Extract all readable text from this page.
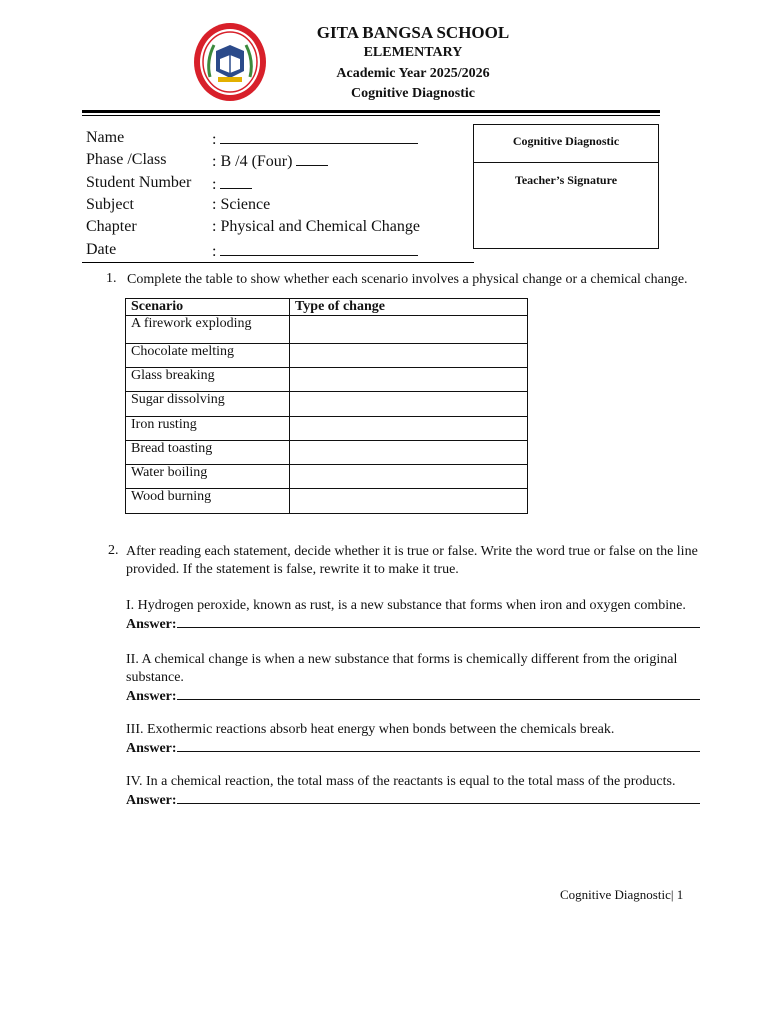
GITA BANGSA SCHOOL
ELEMENTARY
Academic Year 2025/2026
Cognitive Diagnostic
Name	:
Phase /Class	: B /4 (Four)
Student Number :
Subject	: Science
Chapter	: Physical and Chemical Change
Date	:
Cognitive Diagnostic
Teacher’s Signature
1. Complete the table to show whether each scenario involves a physical change or a chemical change.
Scenario	Type of change
A firework exploding	
Chocolate melting	
Glass breaking	
Sugar dissolving	
Iron rusting	
Bread toasting	
Water boiling	
Wood burning	
2. After reading each statement, decide whether it is true or false. Write the word true or false on the line provided. If the statement is false, rewrite it to make it true.
I. Hydrogen peroxide, known as rust, is a new substance that forms when iron and oxygen combine.
Answer:
II. A chemical change is when a new substance that forms is chemically different from the original substance.
Answer:
III. Exothermic reactions absorb heat energy when bonds between the chemicals break.
Answer:
IV. In a chemical reaction, the total mass of the reactants is equal to the total mass of the products.
Answer:
Cognitive Diagnostic| 1
